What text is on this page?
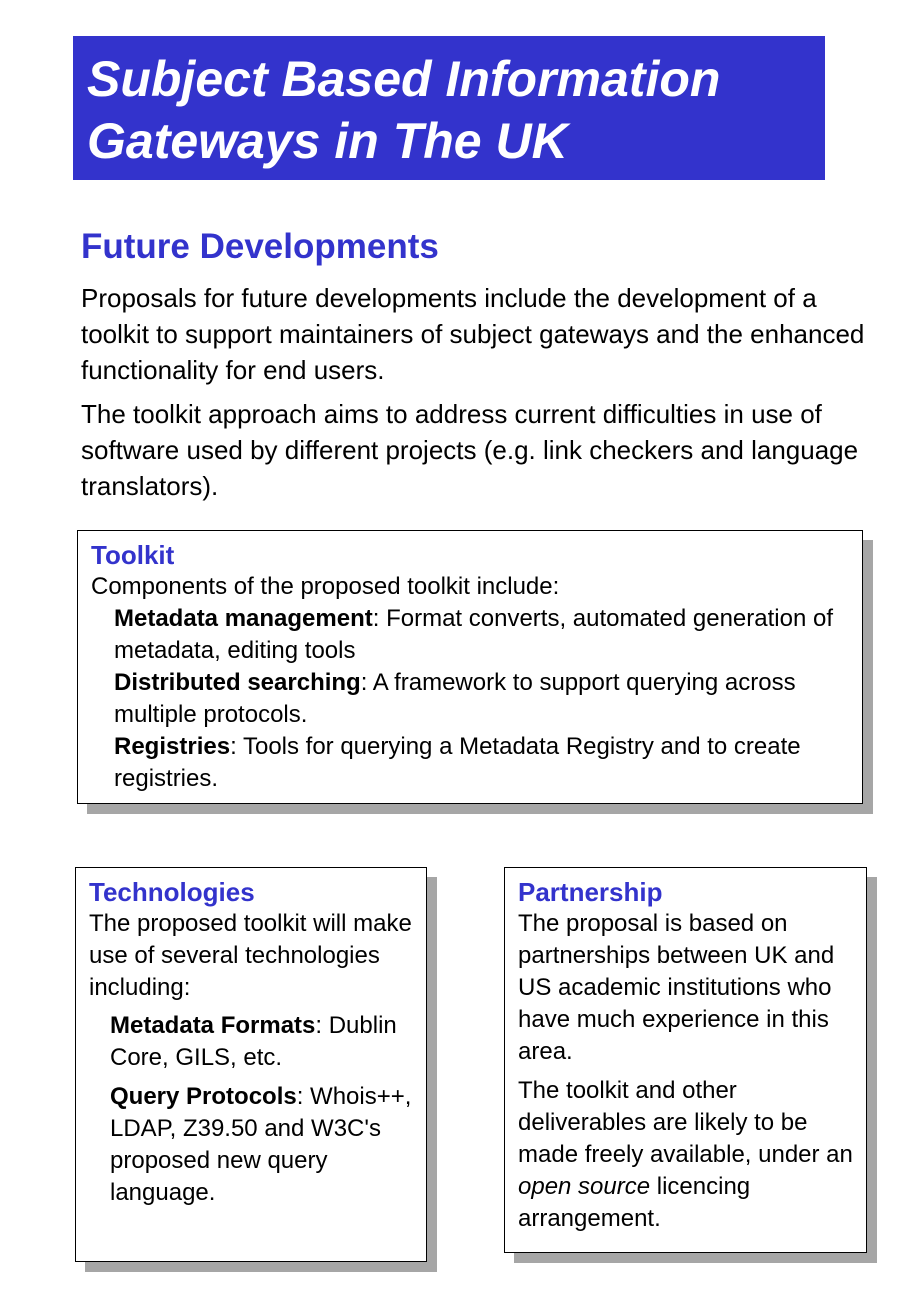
Subject Based Information
Gateways in The UK
Future Developments

Proposals for future developments include the development of a toolkit to support maintainers of subject gateways and the enhanced functionality for end users.

The toolkit approach aims to address current difficulties in use of software used by different projects (e.g. link checkers and language translators).

Toolkit
Components of the proposed toolkit include:
Metadata management: Format converts, automated generation of metadata, editing tools
Distributed searching: A framework to support querying across multiple protocols.
Registries: Tools for querying a Metadata Registry and to create registries.
Technologies
The proposed toolkit will make use of several technologies including:
Metadata Formats: Dublin Core, GILS, etc.
Query Protocols: Whois++, LDAP, Z39.50 and W3C's proposed new query language.
Partnership
The proposal is based on partnerships between UK and US academic institutions who have much experience in this area.
The toolkit and other deliverables are likely to be made freely available, under an open source licencing arrangement.
